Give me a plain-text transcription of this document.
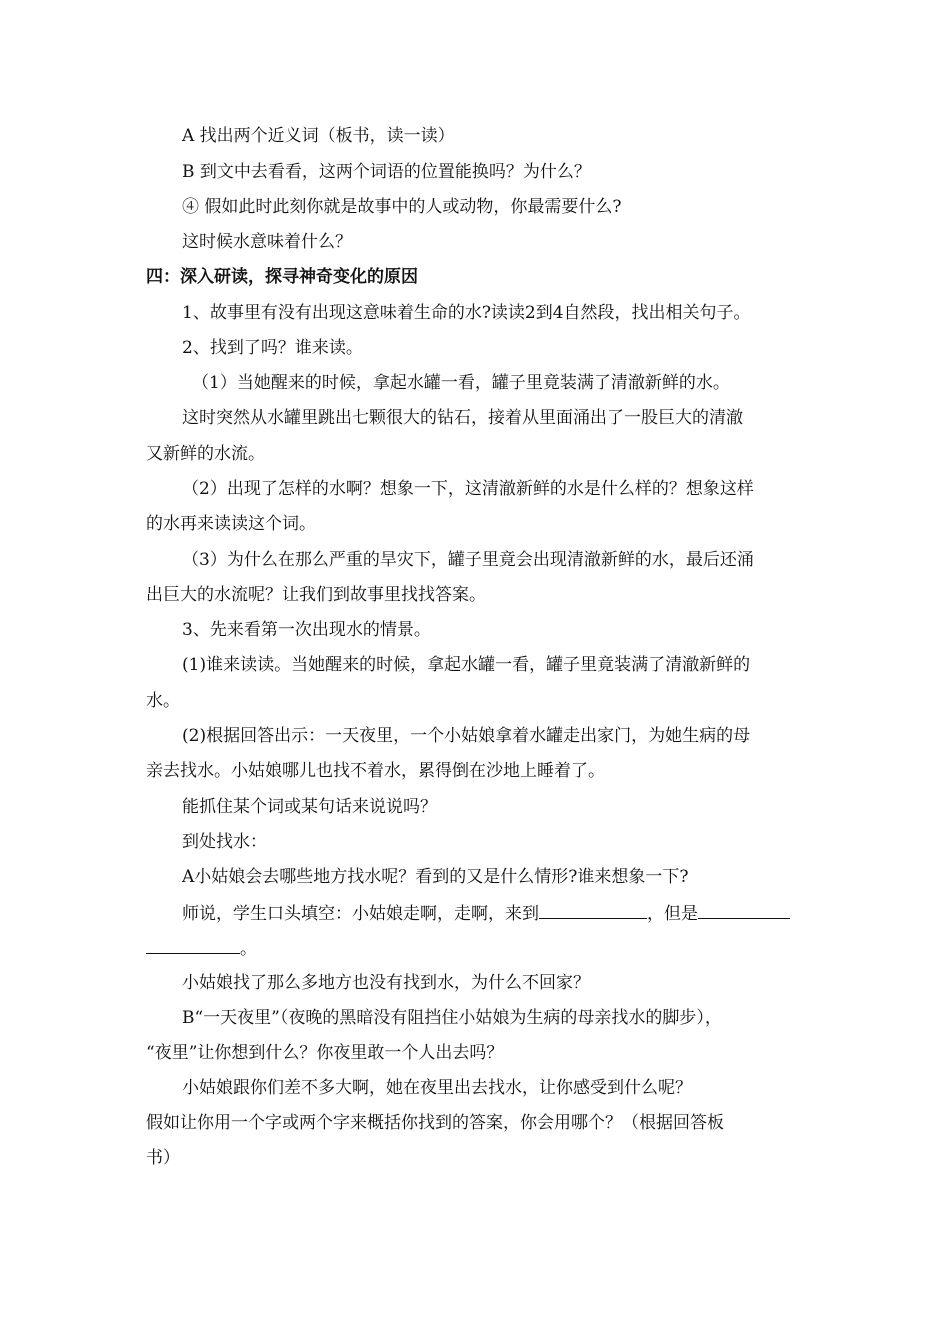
A 找出两个近义词（板书，读一读）
B 到文中去看看，这两个词语的位置能换吗？为什么？
④ 假如此时此刻你就是故事中的人或动物，你最需要什么?
这时候水意味着什么？
四：深入研读，探寻神奇变化的原因
1、故事里有没有出现这意味着生命的水?读读2到4自然段，找出相关句子。
2、找到了吗？谁来读。
（1）当她醒来的时候，拿起水罐一看，罐子里竟装满了清澈新鲜的水。
这时突然从水罐里跳出七颗很大的钻石，接着从里面涌出了一股巨大的清澈
又新鲜的水流。
（2）出现了怎样的水啊？想象一下，这清澈新鲜的水是什么样的？想象这样
的水再来读读这个词。
（3）为什么在那么严重的旱灾下，罐子里竟会出现清澈新鲜的水，最后还涌
出巨大的水流呢？让我们到故事里找找答案。
3、先来看第一次出现水的情景。
(1)谁来读读。当她醒来的时候，拿起水罐一看，罐子里竟装满了清澈新鲜的
水。
(2)根据回答出示：一天夜里，一个小姑娘拿着水罐走出家门，为她生病的母
亲去找水。小姑娘哪儿也找不着水，累得倒在沙地上睡着了。
能抓住某个词或某句话来说说吗？
到处找水：
A小姑娘会去哪些地方找水呢？看到的又是什么情形?谁来想象一下?
师说，学生口头填空：小姑娘走啊，走啊，来到	，但是
。
小姑娘找了那么多地方也没有找到水，为什么不回家？
B“一天夜里”（夜晚的黑暗没有阻挡住小姑娘为生病的母亲找水的脚步），
“夜里”让你想到什么？你夜里敢一个人出去吗？
小姑娘跟你们差不多大啊，她在夜里出去找水，让你感受到什么呢？
假如让你用一个字或两个字来概括你找到的答案，你会用哪个？（根据回答板
书）
